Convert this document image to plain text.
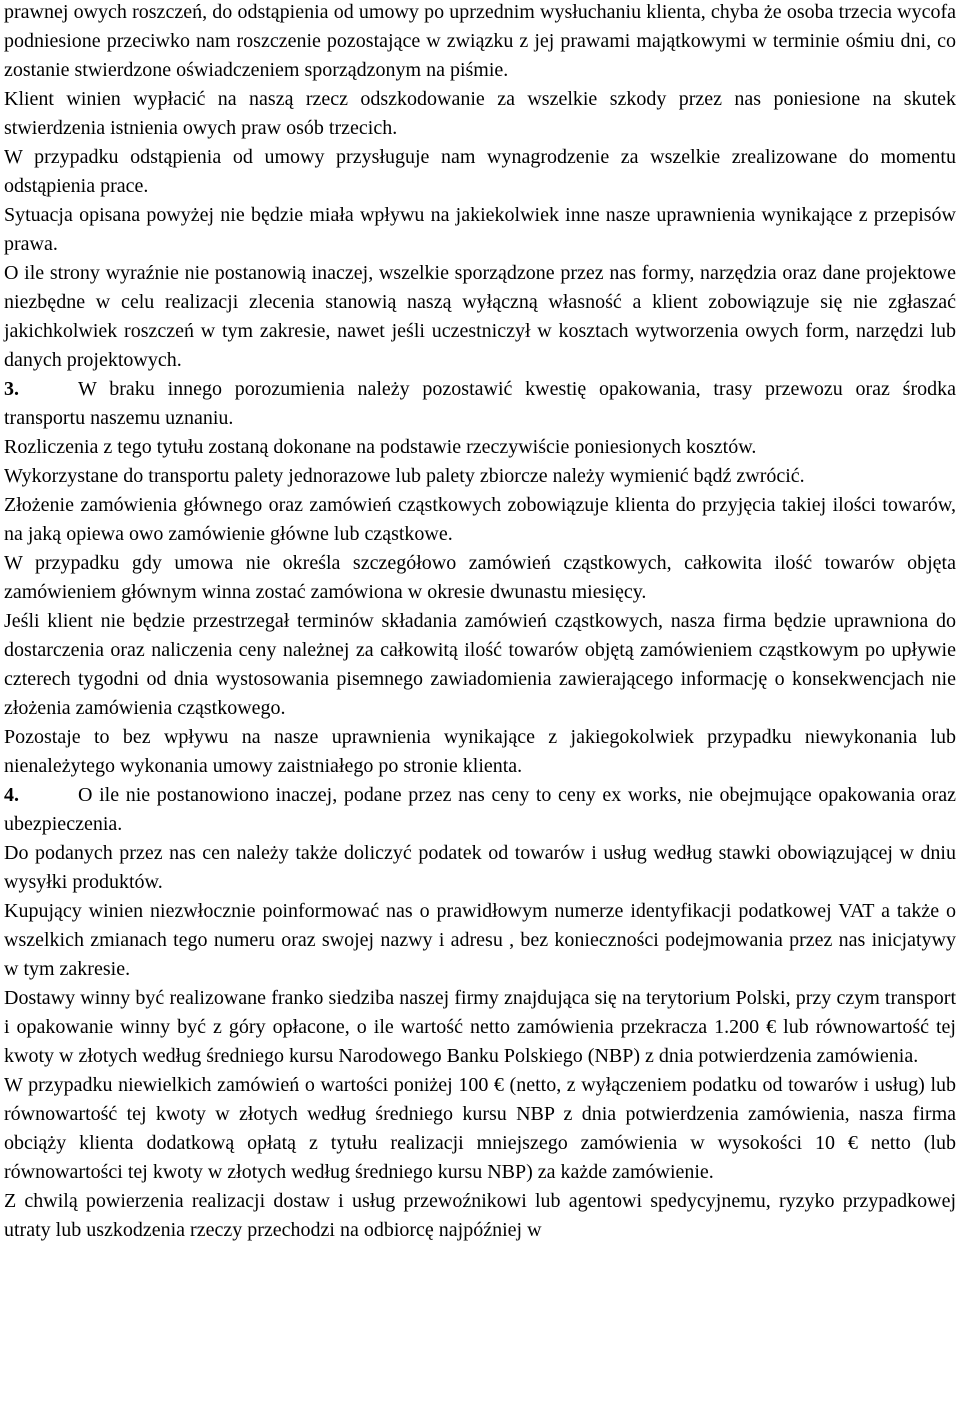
prawnej owych roszczeń, do odstąpienia od umowy po uprzednim wysłuchaniu klienta, chyba że osoba trzecia wycofa podniesione przeciwko nam roszczenie pozostające w związku z jej prawami majątkowymi w terminie ośmiu dni, co zostanie stwierdzone oświadczeniem sporządzonym na piśmie.

Klient winien wypłacić na naszą rzecz odszkodowanie za wszelkie szkody przez nas poniesione na skutek stwierdzenia istnienia owych praw osób trzecich.

W przypadku odstąpienia od umowy przysługuje nam wynagrodzenie za wszelkie zrealizowane do momentu odstąpienia prace.

Sytuacja opisana powyżej nie będzie miała wpływu na jakiekolwiek inne nasze uprawnienia wynikające z przepisów prawa.

O ile strony wyraźnie nie postanowią inaczej, wszelkie sporządzone przez nas formy, narzędzia oraz dane projektowe niezbędne w celu realizacji zlecenia stanowią naszą wyłączną własność a klient zobowiązuje się nie zgłaszać jakichkolwiek roszczeń w tym zakresie, nawet jeśli uczestniczył w kosztach wytworzenia owych form, narzędzi lub danych projektowych.

3.	W braku innego porozumienia należy pozostawić kwestię opakowania, trasy przewozu oraz środka transportu naszemu uznaniu.

Rozliczenia z tego tytułu zostaną dokonane na podstawie rzeczywiście poniesionych kosztów.

Wykorzystane do transportu palety jednorazowe lub palety zbiorcze należy wymienić bądź zwrócić.

Złożenie zamówienia głównego oraz zamówień cząstkowych zobowiązuje klienta do przyjęcia takiej ilości towarów, na jaką opiewa owo zamówienie główne lub cząstkowe.

W przypadku gdy umowa nie określa szczegółowo zamówień cząstkowych, całkowita ilość towarów objęta zamówieniem głównym winna zostać zamówiona w okresie dwunastu miesięcy.

Jeśli klient nie będzie przestrzegał terminów składania zamówień cząstkowych, nasza firma będzie uprawniona do dostarczenia oraz naliczenia ceny należnej za całkowitą ilość towarów objętą zamówieniem cząstkowym po upływie czterech tygodni od dnia wystosowania pisemnego zawiadomienia zawierającego informację o konsekwencjach nie złożenia zamówienia cząstkowego.

Pozostaje to bez wpływu na nasze uprawnienia wynikające z jakiegokolwiek przypadku niewykonania lub nienależytego wykonania umowy zaistniałego po stronie klienta.

4.	O ile nie postanowiono inaczej, podane przez nas ceny to ceny ex works, nie obejmujące opakowania oraz ubezpieczenia.

Do podanych przez nas cen należy także doliczyć podatek od towarów i usług według stawki obowiązującej w dniu wysyłki produktów.

Kupujący winien niezwłocznie poinformować nas o prawidłowym numerze identyfikacji podatkowej VAT a także o wszelkich zmianach tego numeru oraz swojej nazwy i adresu , bez konieczności podejmowania przez nas inicjatywy w tym zakresie.

Dostawy winny być realizowane franko siedziba naszej firmy znajdująca się na terytorium Polski, przy czym transport i opakowanie winny być z góry opłacone, o ile wartość netto zamówienia przekracza 1.200 € lub równowartość tej kwoty w złotych według średniego kursu Narodowego Banku Polskiego (NBP) z dnia potwierdzenia zamówienia.

W przypadku niewielkich zamówień o wartości poniżej 100 € (netto, z wyłączeniem podatku od towarów i usług) lub równowartość tej kwoty w złotych według średniego kursu NBP z dnia potwierdzenia zamówienia, nasza firma obciąży klienta dodatkową opłatą z tytułu realizacji mniejszego zamówienia w wysokości 10 € netto (lub równowartości tej kwoty w złotych według średniego kursu NBP) za każde zamówienie.

Z chwilą powierzenia realizacji dostaw i usług przewoźnikowi lub agentowi spedycyjnemu, ryzyko przypadkowej utraty lub uszkodzenia rzeczy przechodzi na odbiorcę najpóźniej w
